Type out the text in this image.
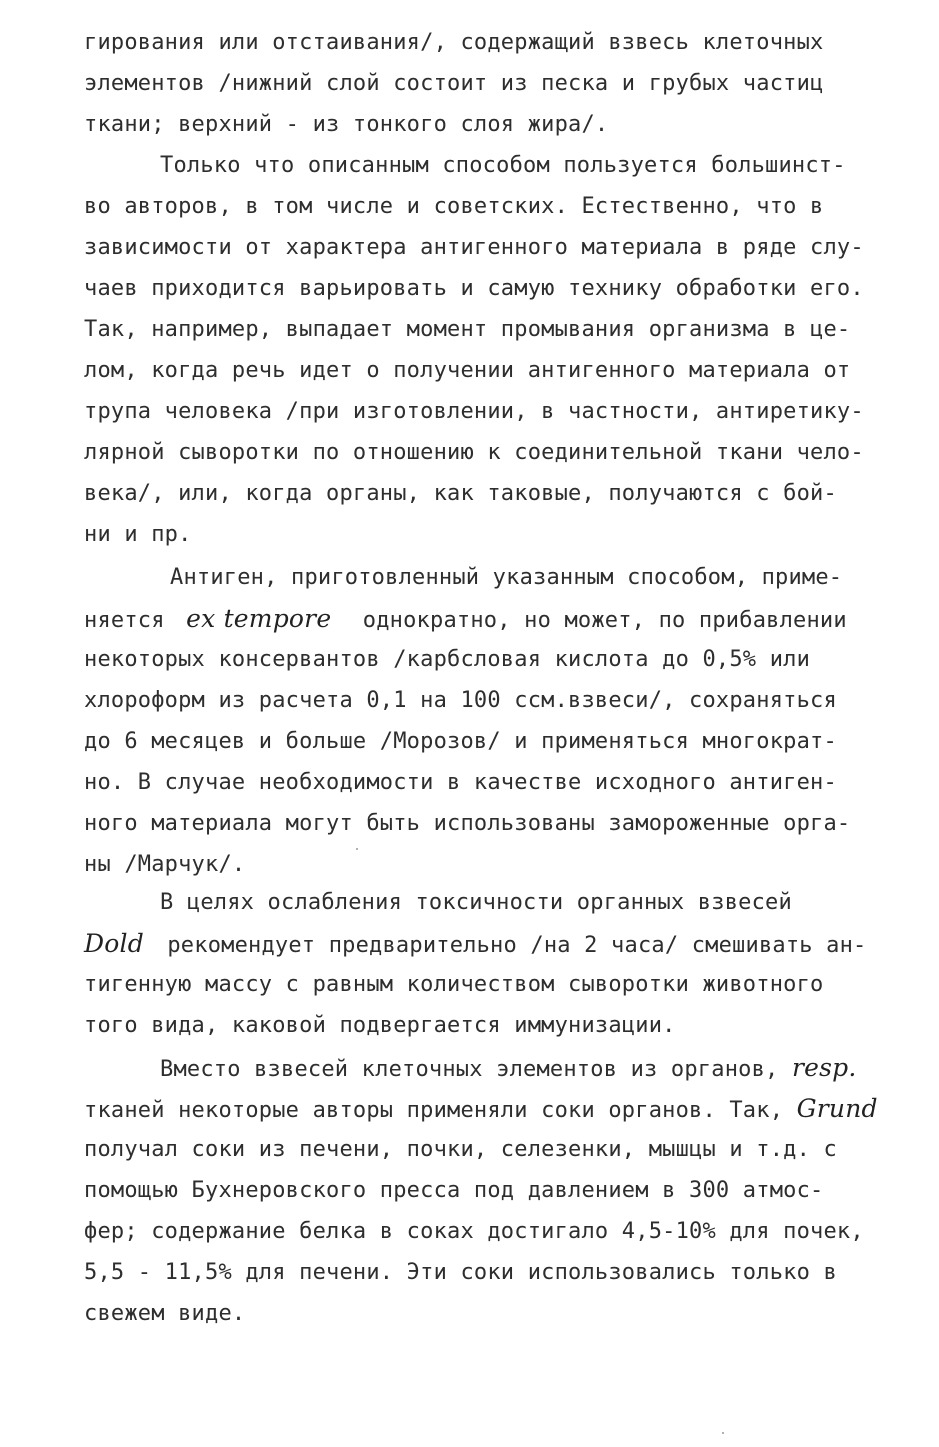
гирования или отстаивания/, содержащий взвесь клеточных
элементов /нижний слой состоит из песка и грубых частиц
ткани; верхний - из тонкого слоя жира/.
Только что описанным способом пользуется большинст-
во авторов, в том числе и советских. Естественно, что в
зависимости от характера антигенного материала в ряде слу-
чаев приходится варьировать и самую технику обработки его.
Так, например, выпадает момент промывания организма в це-
лом, когда речь идет о получении антигенного материала от
трупа человека /при изготовлении, в частности, антиретику-
лярной сыворотки по отношению к соединительной ткани чело-
века/, или, когда органы, как таковые, получаются с бой-
ни и пр.
Антиген, приготовленный указанным способом, приме-
няется ex tempore однократно, но может, по прибавлении
некоторых консервантов /карбсловая кислота до 0,5% или
хлороформ из расчета 0,1 на 100 ссм.взвеси/, сохраняться
до 6 месяцев и больше /Морозов/ и применяться многократ-
но. В случае необходимости в качестве исходного антиген-
ного материала могут быть использованы замороженные орга-
ны /Марчук/.
В целях ослабления токсичности органных взвесей
Dold рекомендует предварительно /на 2 часа/ смешивать ан-
тигенную массу с равным количеством сыворотки животного
того вида, каковой подвергается иммунизации.
Вместо взвесей клеточных элементов из органов, resp.
тканей некоторые авторы применяли соки органов. Так, Grund
получал соки из печени, почки, селезенки, мышцы и т.д. с
помощью Бухнеровского пресса под давлением в 300 атмос-
фер; содержание белка в соках достигало 4,5-10% для почек,
5,5 - 11,5% для печени. Эти соки использовались только в
свежем виде.
